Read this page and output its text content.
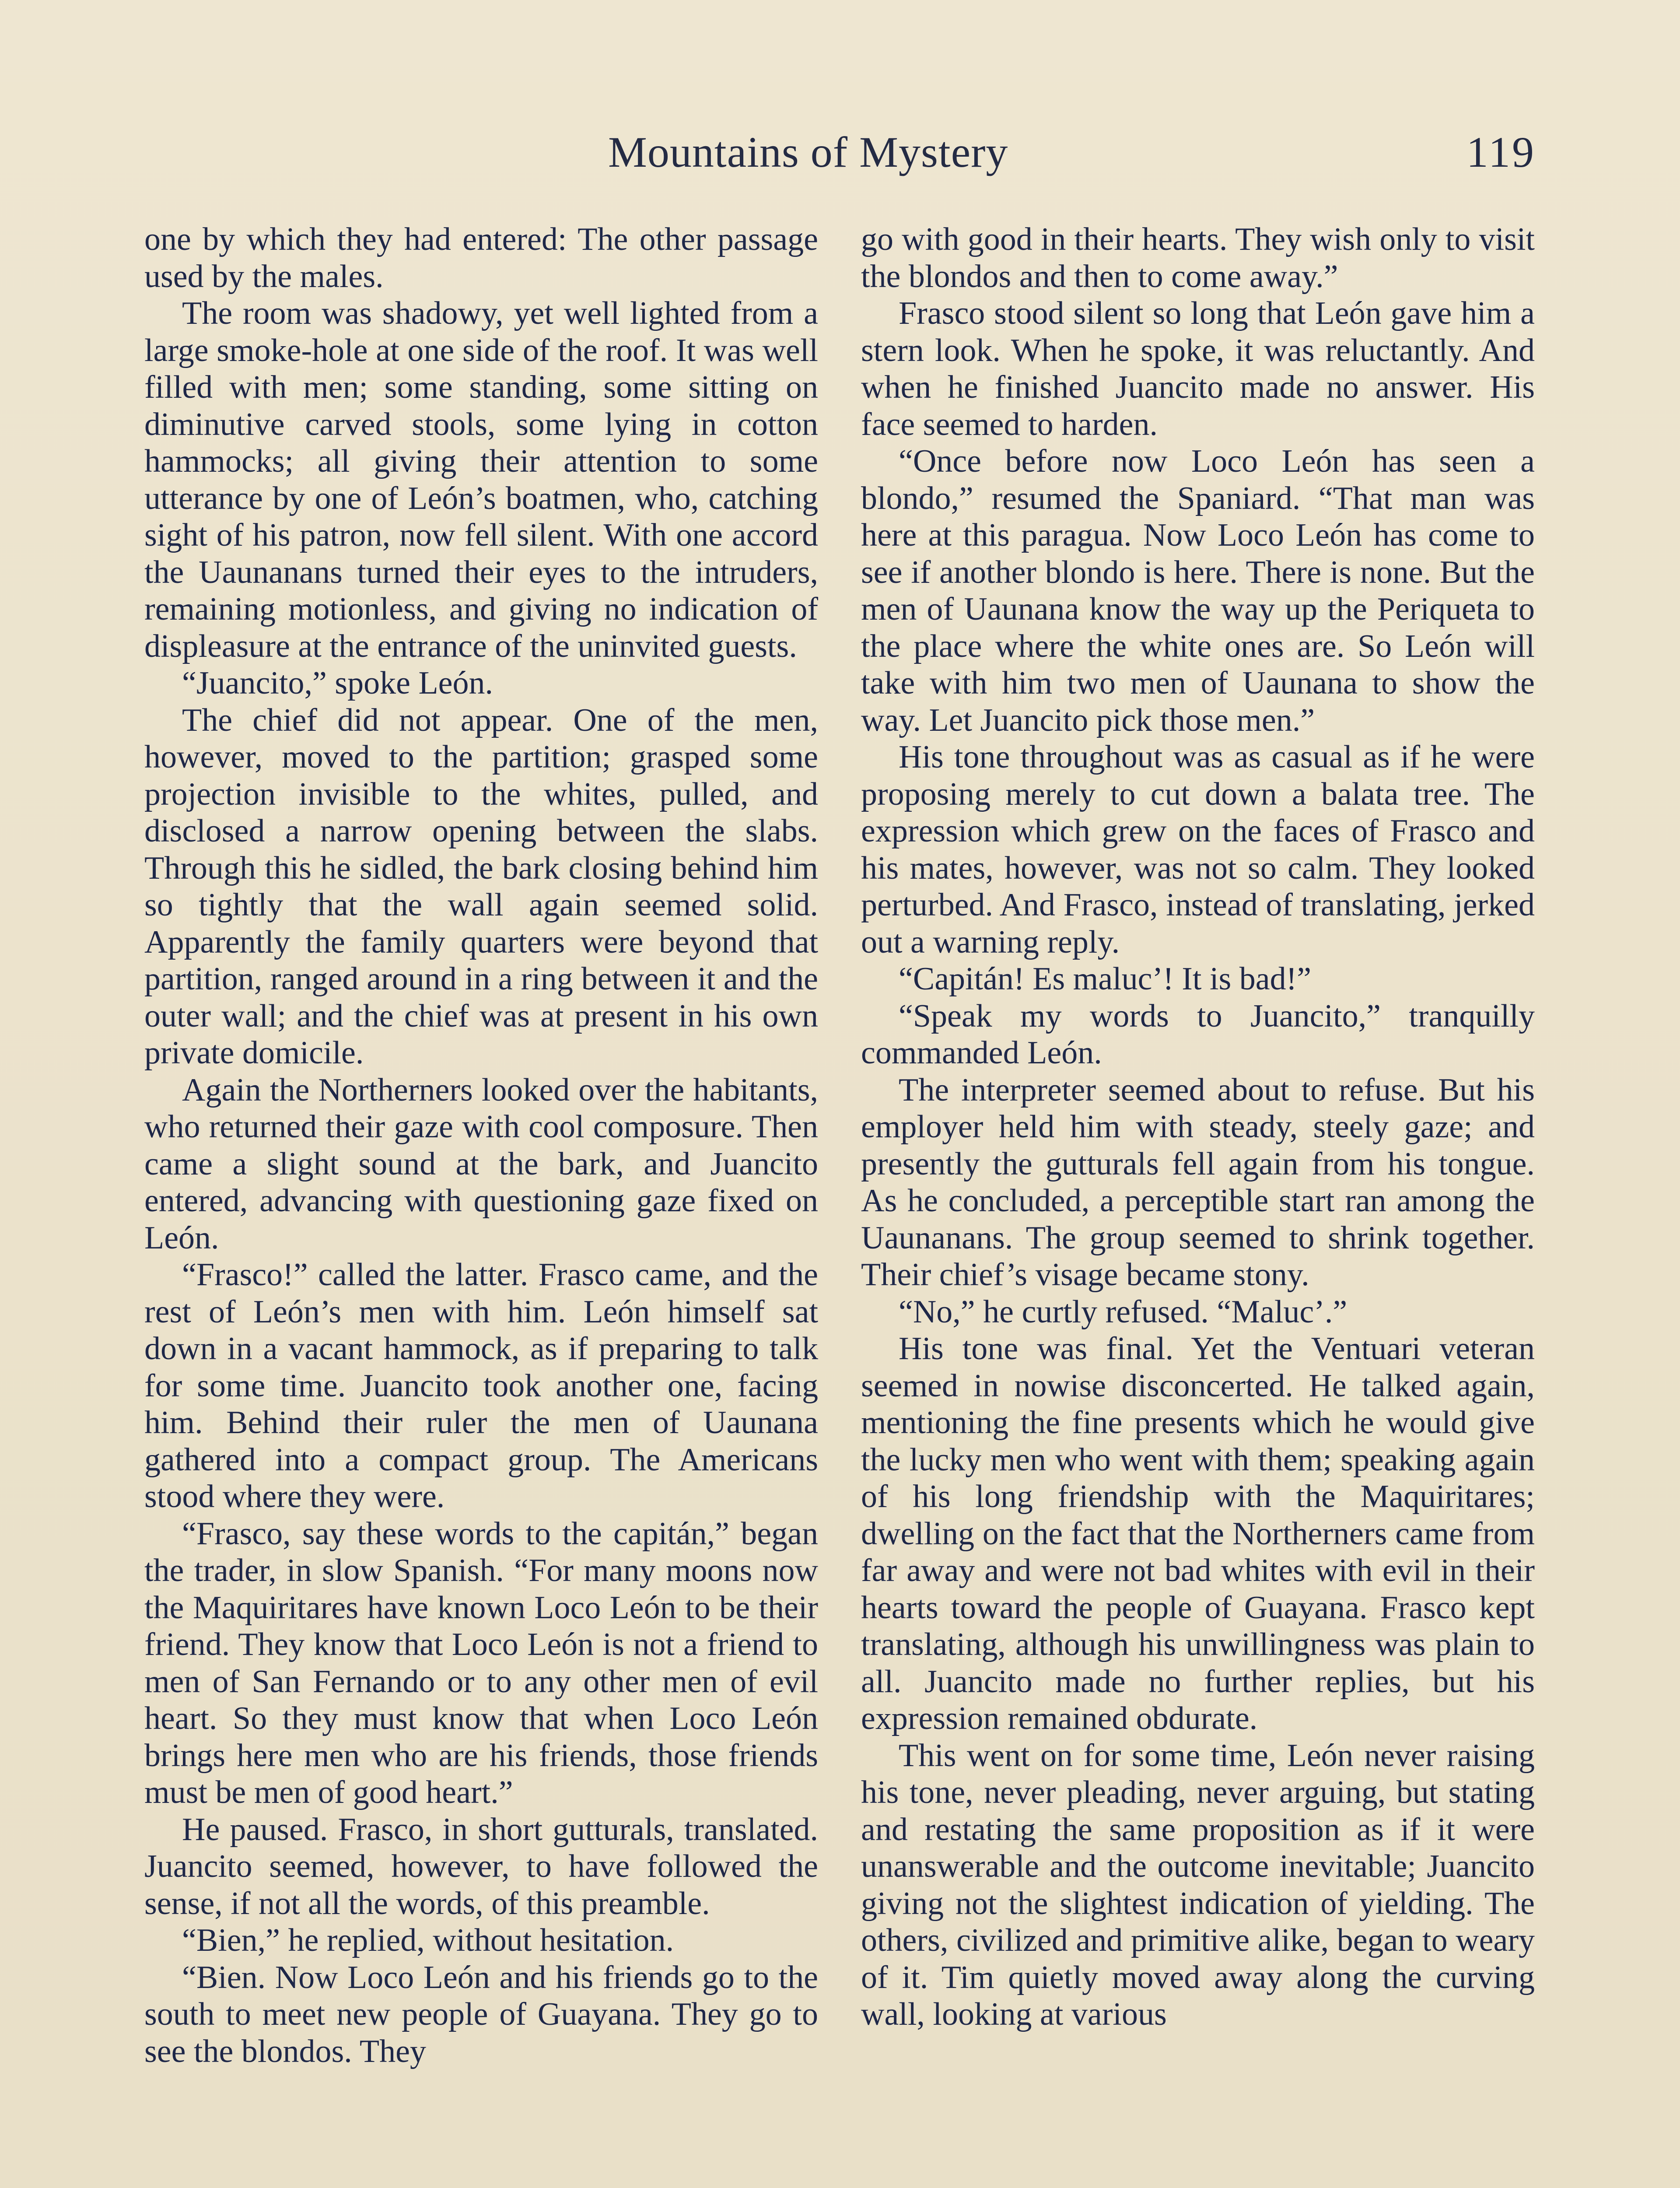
Mountains of Mystery	119

one by which they had entered: The other passage used by the males.

The room was shadowy, yet well lighted from a large smoke-hole at one side of the roof. It was well filled with men; some standing, some sitting on diminutive carved stools, some lying in cotton hammocks; all giving their attention to some utterance by one of León’s boatmen, who, catching sight of his patron, now fell silent. With one accord the Uaunanans turned their eyes to the intruders, remaining motionless, and giving no indication of displeasure at the entrance of the uninvited guests.

“Juancito,” spoke León.

The chief did not appear. One of the men, however, moved to the partition; grasped some projection invisible to the whites, pulled, and disclosed a narrow opening between the slabs. Through this he sidled, the bark closing behind him so tightly that the wall again seemed solid. Apparently the family quarters were beyond that partition, ranged around in a ring between it and the outer wall; and the chief was at present in his own private domicile.

Again the Northerners looked over the habitants, who returned their gaze with cool composure. Then came a slight sound at the bark, and Juancito entered, advancing with questioning gaze fixed on León.

“Frasco!” called the latter. Frasco came, and the rest of León’s men with him. León himself sat down in a vacant hammock, as if preparing to talk for some time. Juancito took another one, facing him. Behind their ruler the men of Uaunana gathered into a compact group. The Americans stood where they were.

“Frasco, say these words to the capitán,” began the trader, in slow Spanish. “For many moons now the Maquiritares have known Loco León to be their friend. They know that Loco León is not a friend to men of San Fernando or to any other men of evil heart. So they must know that when Loco León brings here men who are his friends, those friends must be men of good heart.”

He paused. Frasco, in short gutturals, translated. Juancito seemed, however, to have followed the sense, if not all the words, of this preamble.

“Bien,” he replied, without hesitation.

“Bien. Now Loco León and his friends go to the south to meet new people of Guayana. They go to see the blondos. They

go with good in their hearts. They wish only to visit the blondos and then to come away.”

Frasco stood silent so long that León gave him a stern look. When he spoke, it was reluctantly. And when he finished Juancito made no answer. His face seemed to harden.

“Once before now Loco León has seen a blondo,” resumed the Spaniard. “That man was here at this paragua. Now Loco León has come to see if another blondo is here. There is none. But the men of Uaunana know the way up the Periqueta to the place where the white ones are. So León will take with him two men of Uaunana to show the way. Let Juancito pick those men.”

His tone throughout was as casual as if he were proposing merely to cut down a balata tree. The expression which grew on the faces of Frasco and his mates, however, was not so calm. They looked perturbed. And Frasco, instead of translating, jerked out a warning reply.

“Capitán! Es maluc’! It is bad!”

“Speak my words to Juancito,” tranquilly commanded León.

The interpreter seemed about to refuse. But his employer held him with steady, steely gaze; and presently the gutturals fell again from his tongue. As he concluded, a perceptible start ran among the Uaunanans. The group seemed to shrink together. Their chief’s visage became stony.

“No,” he curtly refused. “Maluc’.”

His tone was final. Yet the Ventuari veteran seemed in nowise disconcerted. He talked again, mentioning the fine presents which he would give the lucky men who went with them; speaking again of his long friendship with the Maquiritares; dwelling on the fact that the Northerners came from far away and were not bad whites with evil in their hearts toward the people of Guayana. Frasco kept translating, although his unwillingness was plain to all. Juancito made no further replies, but his expression remained obdurate.

This went on for some time, León never raising his tone, never pleading, never arguing, but stating and restating the same proposition as if it were unanswerable and the outcome inevitable; Juancito giving not the slightest indication of yielding. The others, civilized and primitive alike, began to weary of it. Tim quietly moved away along the curving wall, looking at various
